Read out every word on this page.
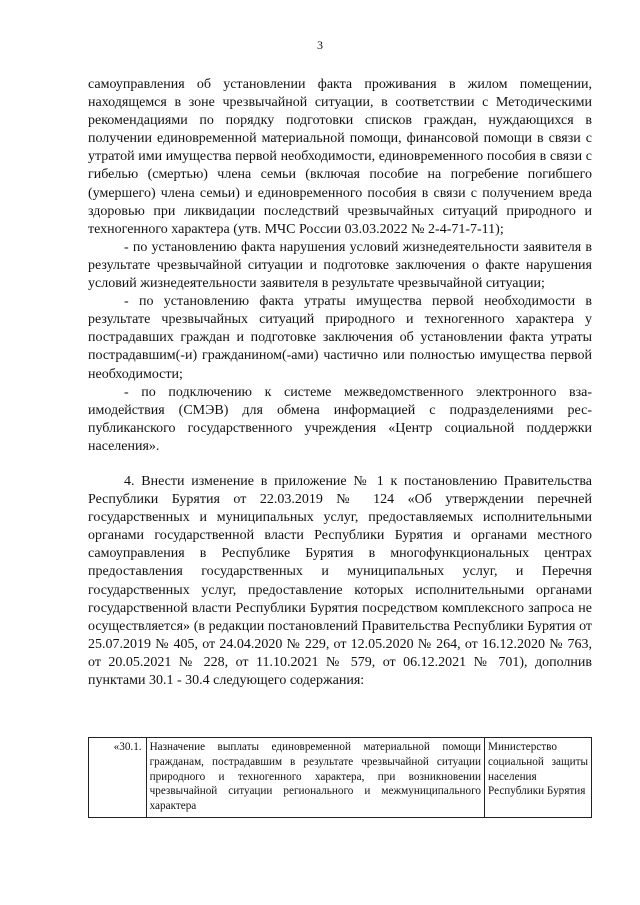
3

самоуправления об установлении факта проживания в жилом помещении, находящемся в зоне чрезвычайной ситуации, в соответствии с Методическими рекомендациями по порядку подготовки списков граждан, нуждающихся в получении единовременной материальной помощи, финансовой помощи в связи с утратой ими имущества первой необходимости, единовременного пособия в связи с гибелью (смертью) члена семьи (включая пособие на погребение погибшего (умершего) члена семьи) и единовременного пособия в связи с получением вреда здоровью при ликвидации последствий чрезвычайных ситуаций природного и техногенного характера (утв. МЧС России 03.03.2022 № 2-4-71-7-11);

- по установлению факта нарушения условий жизнедеятельности заявителя в результате чрезвычайной ситуации и подготовке заключения о факте нарушения условий жизнедеятельности заявителя в результате чрезвычайной ситуации;

- по установлению факта утраты имущества первой необходимости в результате чрезвычайных ситуаций природного и техногенного характера у пострадавших граждан и подготовке заключения об установлении факта утраты пострадавшим(-и) гражданином(-ами) частично или полностью имущества первой необходимости;

- по подключению к системе межведомственного электронного взаимодействия (СМЭВ) для обмена информацией с подразделениями республиканского государственного учреждения «Центр социальной поддержки населения».

4. Внести изменение в приложение № 1 к постановлению Правительства Республики Бурятия от 22.03.2019 № 124 «Об утверждении перечней государственных и муниципальных услуг, предоставляемых исполнительными органами государственной власти Республики Бурятия и органами местного самоуправления в Республике Бурятия в многофункциональных центрах предоставления государственных и муниципальных услуг, и Перечня государственных услуг, предоставление которых исполнительными органами государственной власти Республики Бурятия посредством комплексного запроса не осуществляется» (в редакции постановлений Правительства Республики Бурятия от 25.07.2019 № 405, от 24.04.2020 № 229, от 12.05.2020 № 264, от 16.12.2020 № 763, от 20.05.2021 № 228, от 11.10.2021 № 579, от 06.12.2021 № 701), дополнив пунктами 30.1 - 30.4 следующего содержания:

«30.1.	Назначение выплаты единовременной материальной помощи гражданам, пострадавшим в результате чрезвычайной ситуации природного и техногенного характера, при возникновении чрезвычайной ситуации регионального и межмуниципального характера	Министерство социальной защиты населения Республики Бурятия
